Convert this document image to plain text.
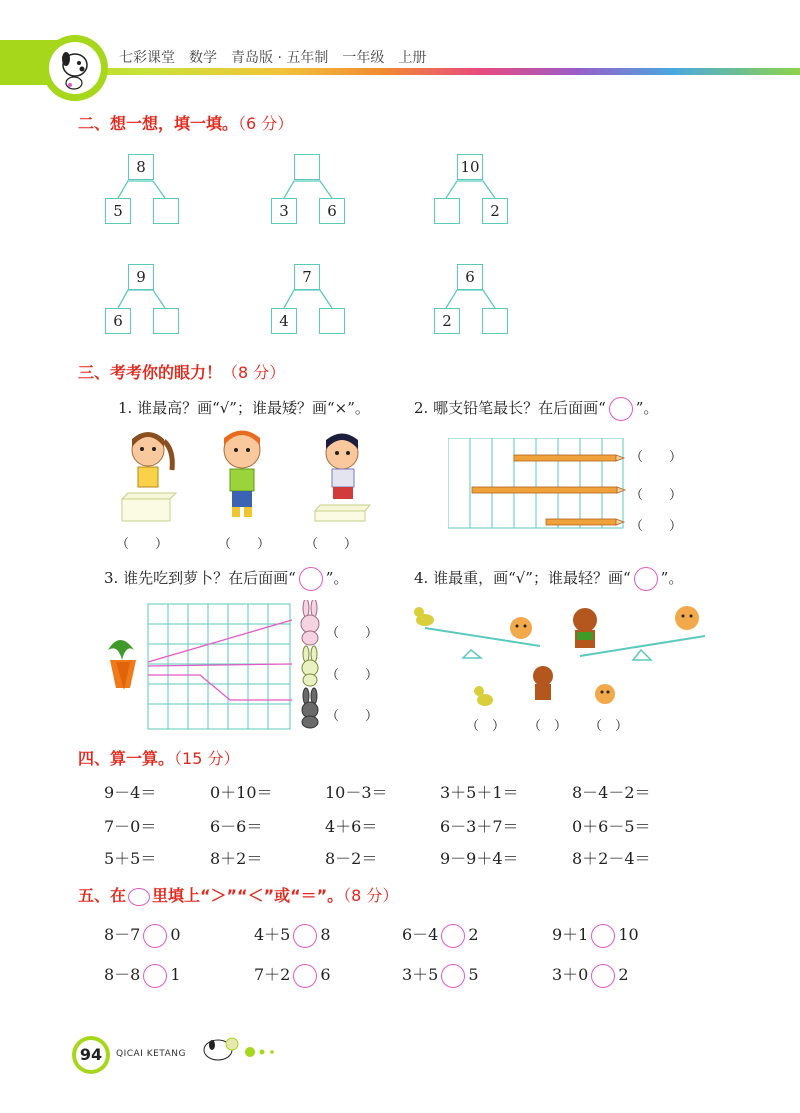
七彩课堂　数学　青岛版 · 五年制　一年级　上册
二、想一想，填一填。（6 分）
8
5	3	6
10
2
9
6
7
4
6
2
三、考考你的眼力！（8 分）
1. 谁最高？画“√”；谁最矮？画“×”。	2. 哪支铅笔最长？在后面画“ ”。
（　　）	（　　）	（　　）
（　　）
（　　）
（　　）
3. 谁先吃到萝卜？在后面画“ ”。	4. 谁最重，画“√”；谁最轻？画“ ”。
（　　）
（　　）
（　　）
（　） （　） （　）
四、算一算。（15 分）
9－4＝	0＋10＝	10－3＝	3＋5＋1＝	8－4－2＝
7－0＝	6－6＝	4＋6＝	6－3＋7＝	0＋6－5＝
5＋5＝	8＋2＝	8－2＝	9－9＋4＝	8＋2－4＝
五、在 里填上“＞”“＜”或“＝”。（8 分）
8－7 0	4＋5 8	6－4 2	9＋1 10
8－8 1	7＋2 6	3＋5 5	3＋0 2
94	QICAI KETANG
